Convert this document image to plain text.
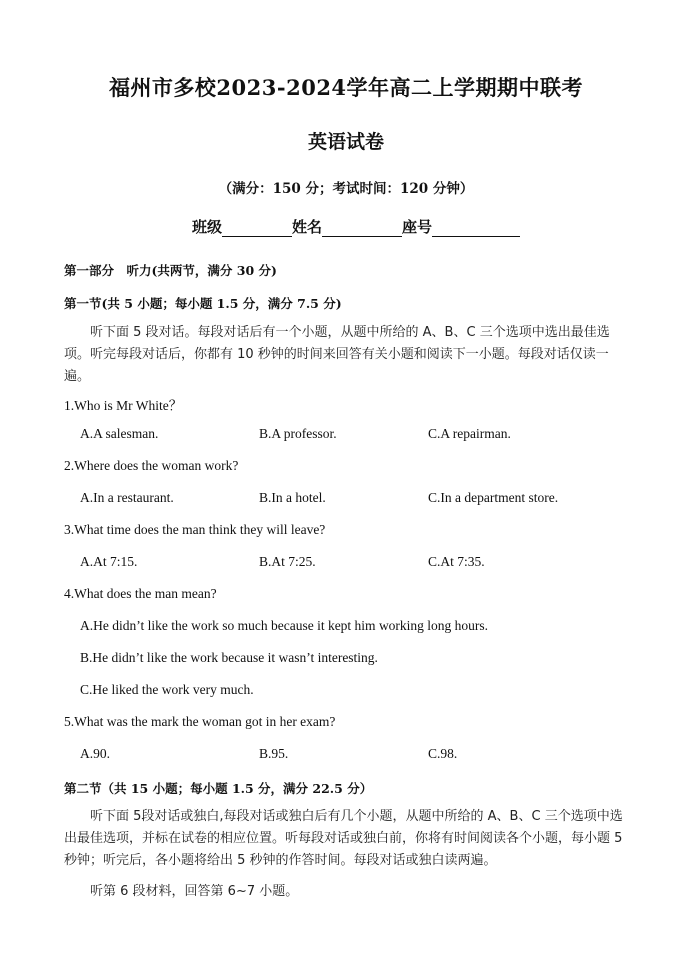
福州市多校2023-2024学年高二上学期期中联考
英语试卷
（满分：150 分；考试时间：120 分钟）
班级	姓名	座号
第一部分　听力(共两节，满分 30 分)
第一节(共 5 小题；每小题 1.5 分，满分 7.5 分)
听下面 5 段对话。每段对话后有一个小题，从题中所给的 A、B、C 三个选项中选出最佳选项。听完每段对话后，你都有 10 秒钟的时间来回答有关小题和阅读下一小题。每段对话仅读一遍。
1.Who is Mr White？
A.A salesman.	B.A professor.	C.A repairman.
2.Where does the woman work?
A.In a restaurant.	B.In a hotel.	C.In a department store.
3.What time does the man think they will leave?
A.At 7:15.	B.At 7:25.	C.At 7:35.
4.What does the man mean?
A.He didn’t like the work so much because it kept him working long hours.
B.He didn’t like the work because it wasn’t interesting.
C.He liked the work very much.
5.What was the mark the woman got in her exam?
A.90.	B.95.	C.98.
第二节（共 15 小题；每小题 1.5 分，满分 22.5 分）
听下面 5段对话或独白,每段对话或独白后有几个小题，从题中所给的 A、B、C 三个选项中选出最佳选项，并标在试卷的相应位置。听每段对话或独白前，你将有时间阅读各个小题，每小题 5 秒钟；听完后，各小题将给出 5 秒钟的作答时间。每段对话或独白读两遍。
听第 6 段材料，回答第 6~7 小题。
